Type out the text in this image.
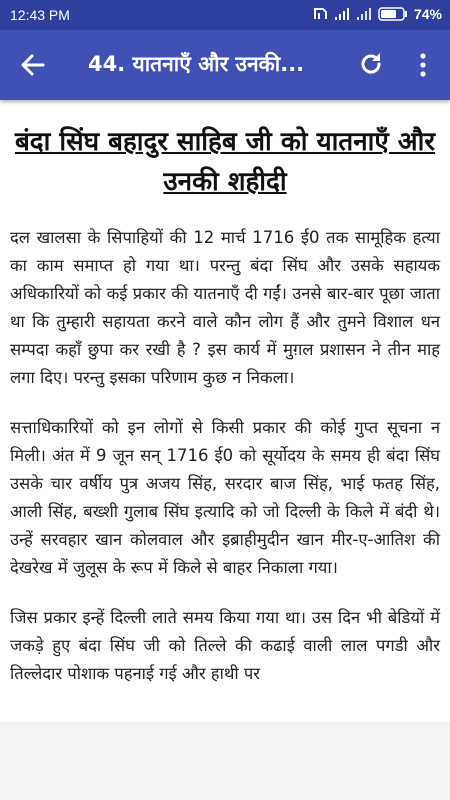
12:43 PM	74%
44. यातनाएँ और उनकी...
बंदा सिंघ बहादुर साहिब जी को यातनाएँ और उनकी शहीदी

दल खालसा के सिपाहियों की 12 मार्च 1716 ई0 तक सामूहिक हत्या का काम समाप्त हो गया था। परन्तु बंदा सिंघ और उसके सहायक अधिकारियों को कई प्रकार की यातनाएँ दी गईं। उनसे बार-बार पूछा जाता था कि तुम्हारी सहायता करने वाले कौन लोग हैं और तुमने विशाल धन सम्पदा कहाँ छुपा कर रखी है ? इस कार्य में मुग़ल प्रशासन ने तीन माह लगा दिए। परन्तु इसका परिणाम कुछ न निकला।

सत्ताधिकारियों को इन लोगों से किसी प्रकार की कोई गुप्त सूचना न मिली। अंत में 9 जून सन् 1716 ई0 को सूर्योदय के समय ही बंदा सिंघ उसके चार वर्षीय पुत्र अजय सिंह, सरदार बाज सिंह, भाई फतह सिंह, आली सिंह, बख्शी गुलाब सिंघ इत्यादि को जो दिल्ली के किले में बंदी थे। उन्हें सरवहार खान कोलवाल और इब्राहीमुदीन खान मीर-ए-आतिश की देखरेख में जुलूस के रूप में किले से बाहर निकाला गया।

जिस प्रकार इन्हें दिल्ली लाते समय किया गया था। उस दिन भी बेडियों में जकड़े हुए बंदा सिंघ जी को तिल्ले की कढाई वाली लाल पगडी और तिल्लेदार पोशाक पहनाई गई और हाथी पर
